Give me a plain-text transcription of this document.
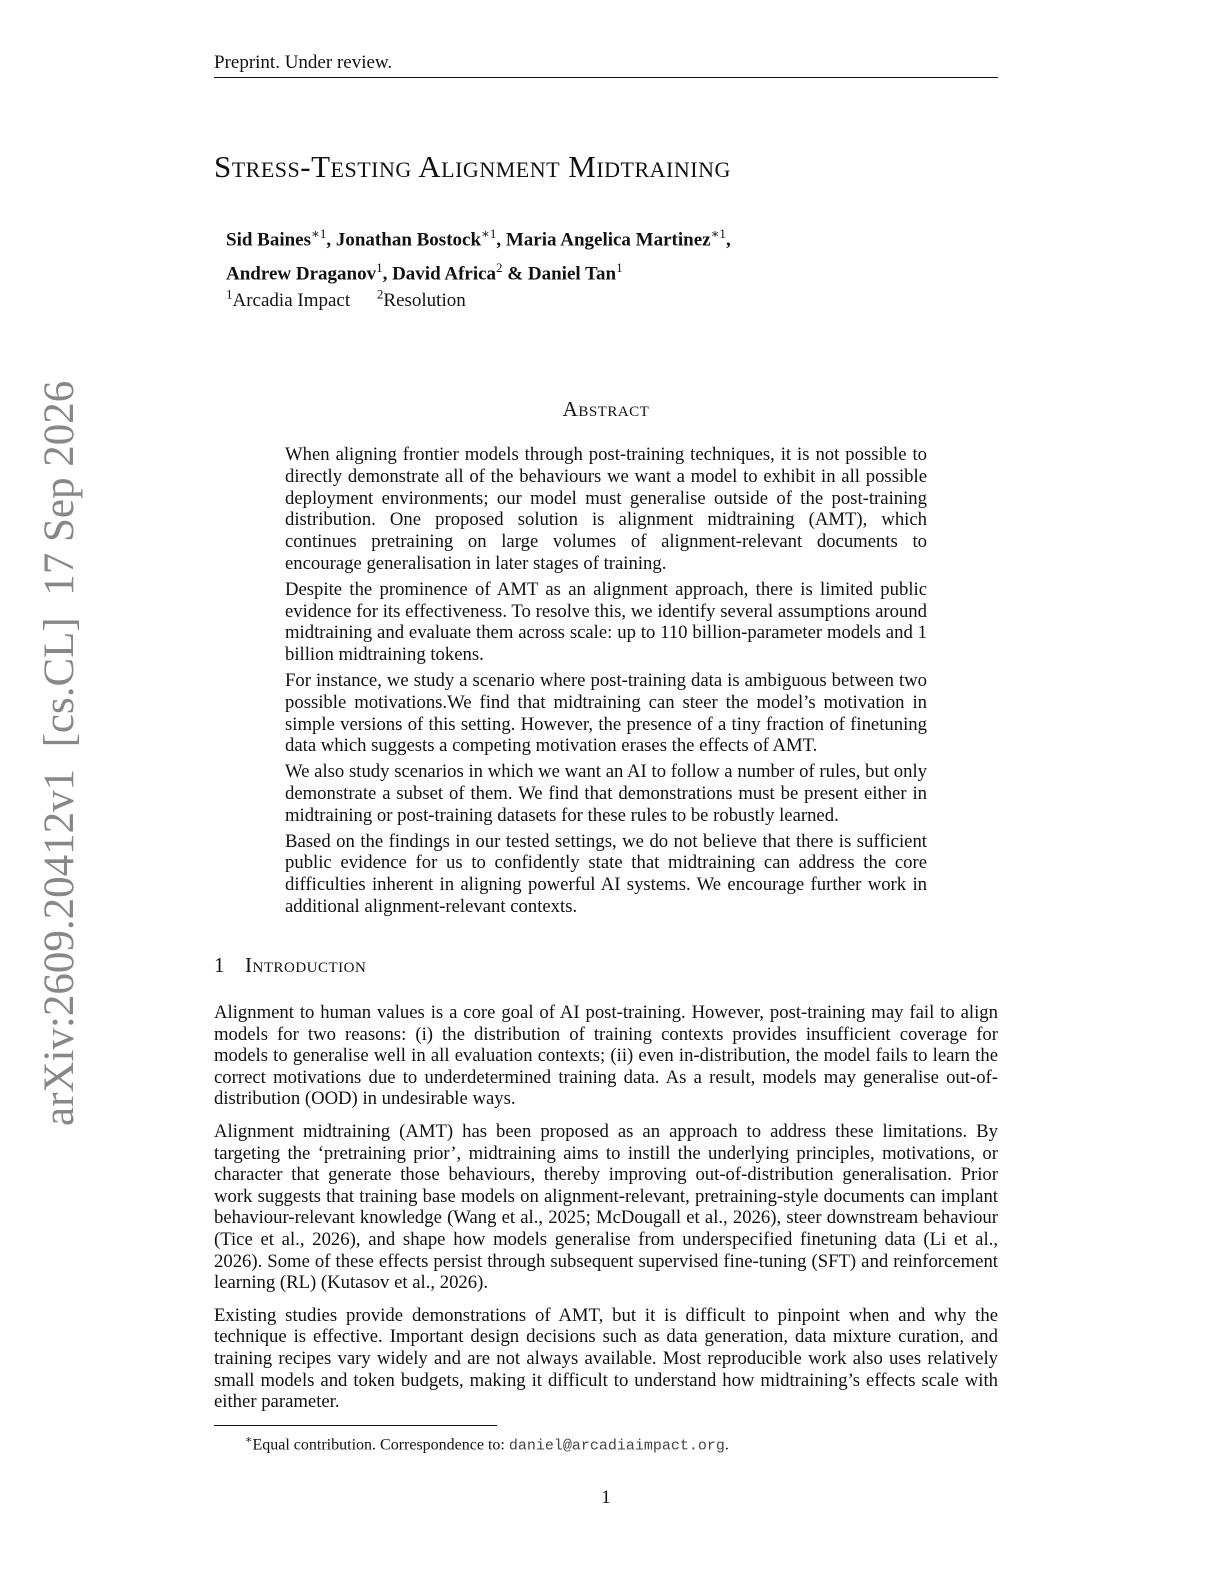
Preprint. Under review.
Stress-Testing Alignment Midtraining
Sid Baines$^{∗1}$, Jonathan Bostock$^{∗1}$, Maria Angelica Martinez$^{∗1}$,
Andrew Draganov$^1$, David Africa$^2$ & Daniel Tan$^1$
$^1$Arcadia Impact $^2$Resolution
Abstract

When aligning frontier models through post-training techniques, it is not possible to directly demonstrate all of the behaviours we want a model to exhibit in all possible deployment environments; our model must generalise outside of the post-training distribution. One proposed solution is alignment midtraining (AMT), which continues pretraining on large volumes of alignment-relevant documents to encourage generalisation in later stages of training.

Despite the prominence of AMT as an alignment approach, there is limited public evidence for its effectiveness. To resolve this, we identify several assumptions around midtraining and evaluate them across scale: up to 110 billion-parameter models and 1 billion midtraining tokens.

For instance, we study a scenario where post-training data is ambiguous between two possible motivations.We find that midtraining can steer the model’s motivation in simple versions of this setting. However, the presence of a tiny fraction of finetuning data which suggests a competing motivation erases the effects of AMT.

We also study scenarios in which we want an AI to follow a number of rules, but only demonstrate a subset of them. We find that demonstrations must be present either in midtraining or post-training datasets for these rules to be robustly learned.

Based on the findings in our tested settings, we do not believe that there is sufficient public evidence for us to confidently state that midtraining can address the core difficulties inherent in aligning powerful AI systems. We encourage further work in additional alignment-relevant contexts.

1 Introduction

Alignment to human values is a core goal of AI post-training. However, post-training may fail to align models for two reasons: (i) the distribution of training contexts provides insufficient coverage for models to generalise well in all evaluation contexts; (ii) even in-distribution, the model fails to learn the correct motivations due to underdetermined training data. As a result, models may generalise out-of-distribution (OOD) in undesirable ways.

Alignment midtraining (AMT) has been proposed as an approach to address these limitations. By targeting the ‘pretraining prior’, midtraining aims to instill the underlying principles, motivations, or character that generate those behaviours, thereby improving out-of-distribution generalisation. Prior work suggests that training base models on alignment-relevant, pretraining-style documents can implant behaviour-relevant knowledge (Wang et al., 2025; McDougall et al., 2026), steer downstream behaviour (Tice et al., 2026), and shape how models generalise from underspecified finetuning data (Li et al., 2026). Some of these effects persist through subsequent supervised fine-tuning (SFT) and reinforcement learning (RL) (Kutasov et al., 2026).

Existing studies provide demonstrations of AMT, but it is difficult to pinpoint when and why the technique is effective. Important design decisions such as data generation, data mixture curation, and training recipes vary widely and are not always available. Most reproducible work also uses relatively small models and token budgets, making it difficult to understand how midtraining’s effects scale with either parameter.

∗Equal contribution. Correspondence to: daniel@arcadiaimpact.org.
1
arXiv:2609.20412v1  [cs.CL]  17 Sep 2026
